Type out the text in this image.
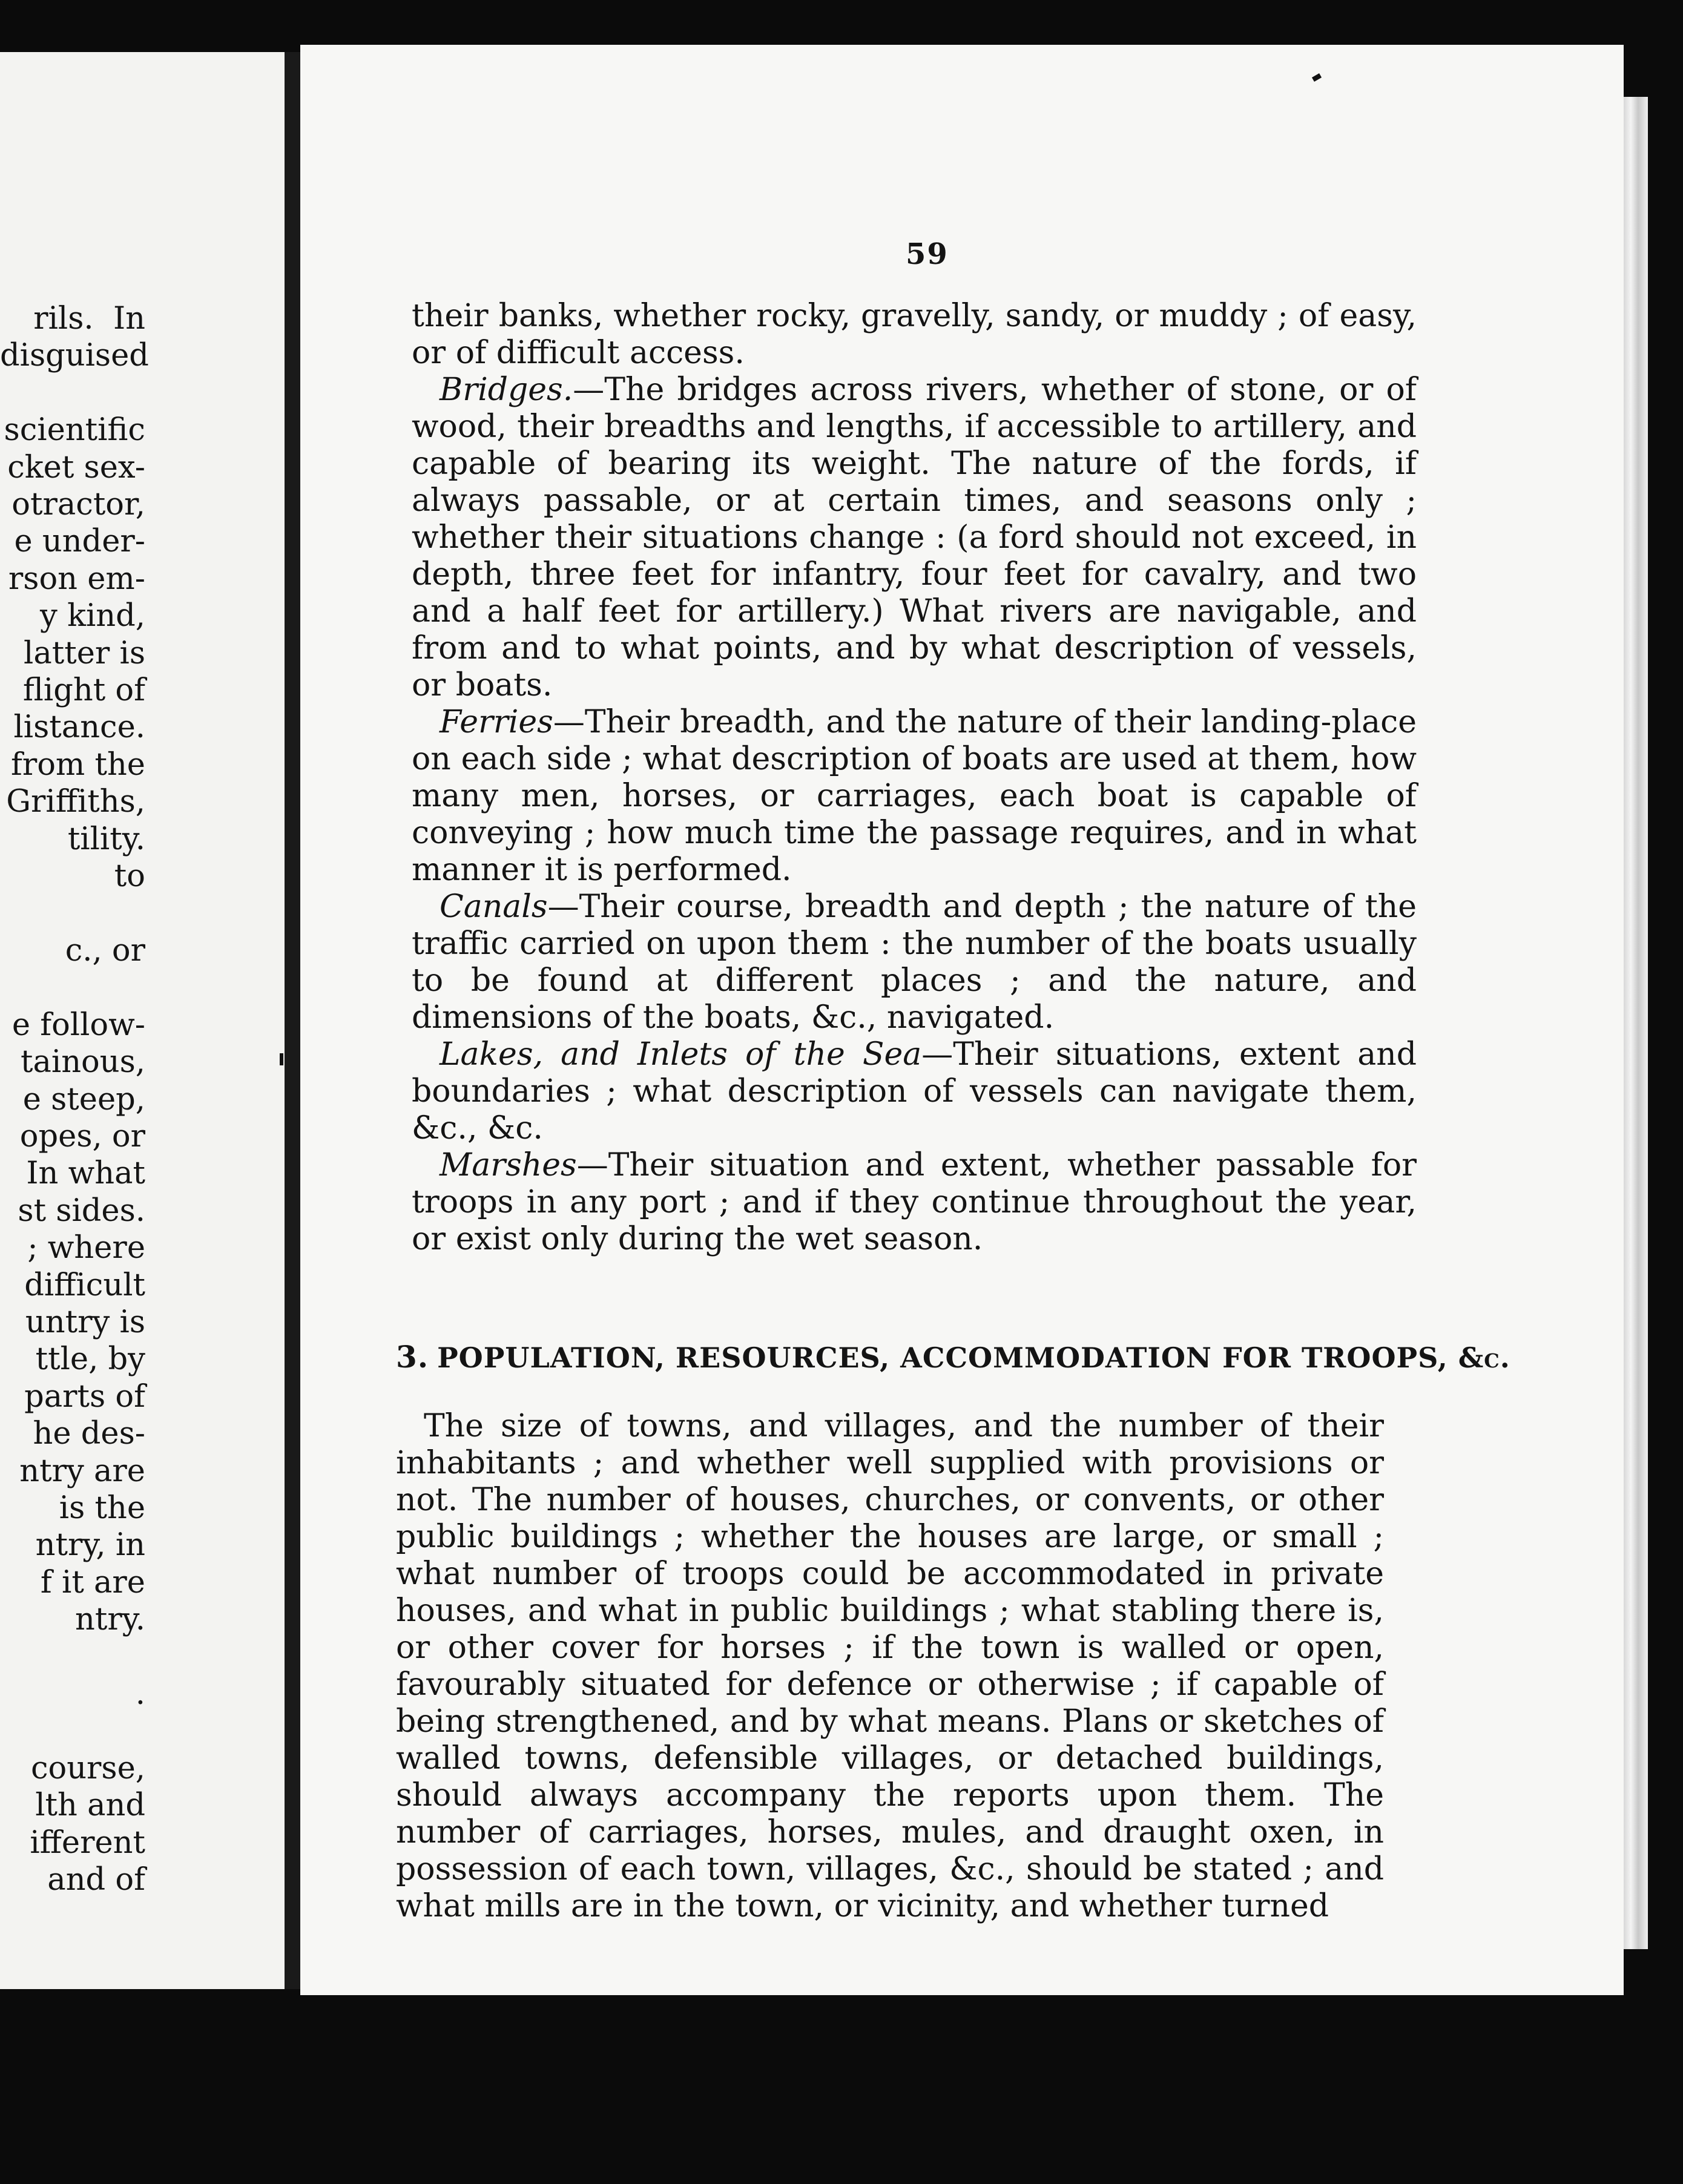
rils.  In
disguised

scientific
cket sex-
otractor,
e under-
rson em-
y kind,
latter is
flight of
listance.
from the
Griffiths,
tility.
to

c., or

e follow-
tainous,
e steep,
opes, or
In what
st sides.
; where
difficult
untry is
ttle, by
parts of
he des-
ntry are
is the
ntry, in
f it are
ntry.

.

course,
lth and
ifferent
and of
59

their banks, whether rocky, gravelly, sandy, or muddy ; of easy, or of difficult access.

Bridges.—The bridges across rivers, whether of stone, or of wood, their breadths and lengths, if accessible to artillery, and capable of bearing its weight. The nature of the fords, if always passable, or at certain times, and seasons only ; whether their situations change : (a ford should not exceed, in depth, three feet for infantry, four feet for cavalry, and two and a half feet for artillery.) What rivers are navigable, and from and to what points, and by what description of vessels, or boats.

Ferries—Their breadth, and the nature of their landing-place on each side ; what description of boats are used at them, how many men, horses, or carriages, each boat is capable of conveying ; how much time the passage requires, and in what manner it is performed.

Canals—Their course, breadth and depth ; the nature of the traffic carried on upon them : the number of the boats usually to be found at different places ; and the nature, and dimensions of the boats, &c., navigated.

Lakes, and Inlets of the Sea—Their situations, extent and boundaries ; what description of vessels can navigate them, &c., &c.

Marshes—Their situation and extent, whether passable for troops in any port ; and if they continue throughout the year, or exist only during the wet season.

3. POPULATION, RESOURCES, ACCOMMODATION FOR TROOPS, &c.

The size of towns, and villages, and the number of their inhabitants ; and whether well supplied with provisions or not. The number of houses, churches, or convents, or other public buildings ; whether the houses are large, or small ; what number of troops could be accommodated in private houses, and what in public buildings ; what stabling there is, or other cover for horses ; if the town is walled or open, favourably situated for defence or otherwise ; if capable of being strengthened, and by what means. Plans or sketches of walled towns, defensible villages, or detached buildings, should always accompany the reports upon them. The number of carriages, horses, mules, and draught oxen, in possession of each town, villages, &c., should be stated ; and what mills are in the town, or vicinity, and whether turned
